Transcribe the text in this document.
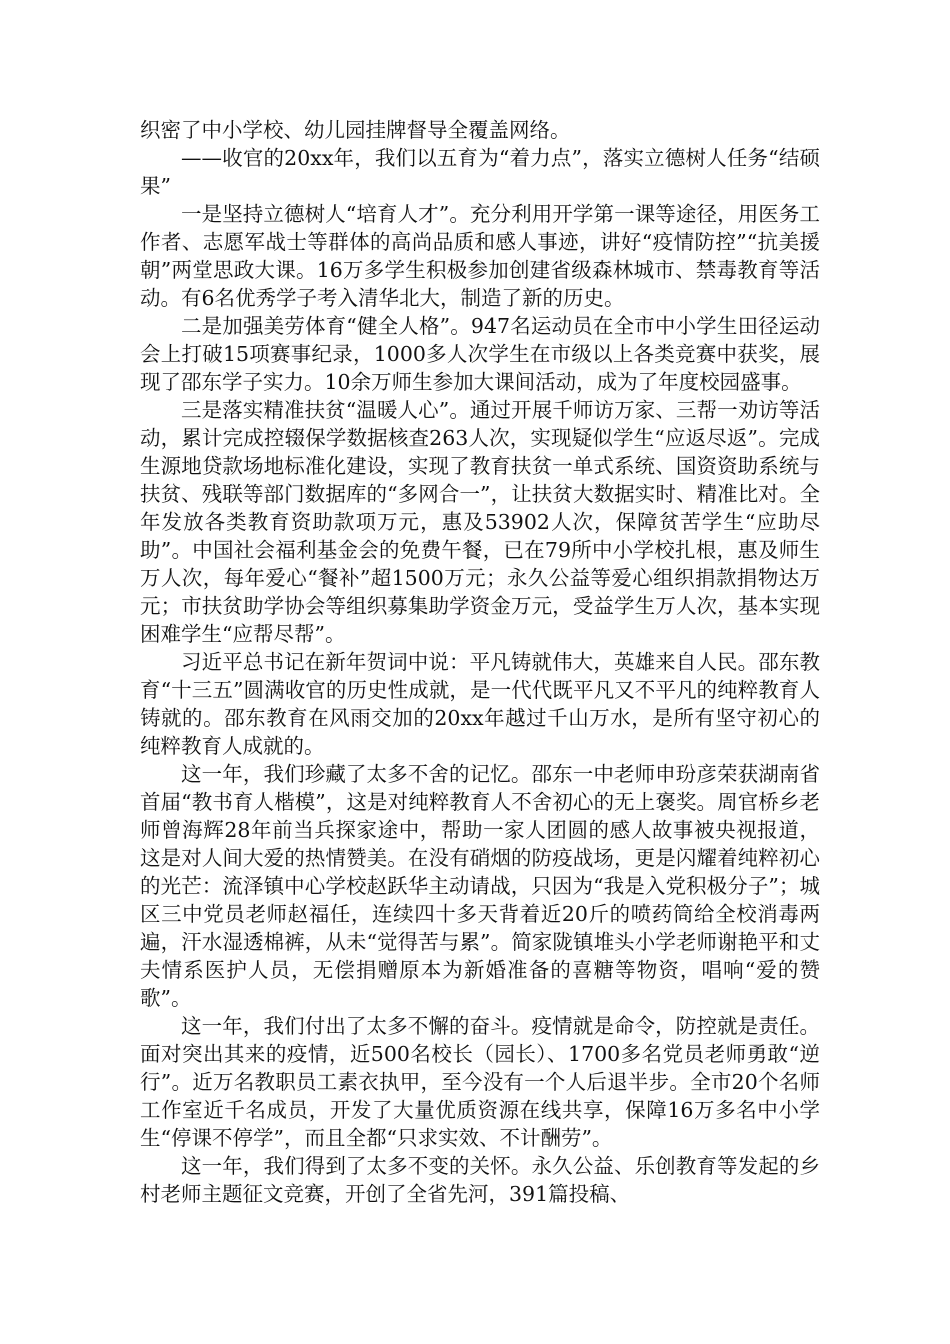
织密了中小学校、幼儿园挂牌督导全覆盖网络。

——收官的20xx年，我们以五育为“着力点”，落实立德树人任务“结硕果”

一是坚持立德树人“培育人才”。充分利用开学第一课等途径，用医务工作者、志愿军战士等群体的高尚品质和感人事迹，讲好“疫情防控”“抗美援朝”两堂思政大课。16万多学生积极参加创建省级森林城市、禁毒教育等活动。有6名优秀学子考入清华北大，制造了新的历史。

二是加强美劳体育“健全人格”。947名运动员在全市中小学生田径运动会上打破15项赛事纪录，1000多人次学生在市级以上各类竞赛中获奖，展现了邵东学子实力。10余万师生参加大课间活动，成为了年度校园盛事。

三是落实精准扶贫“温暖人心”。通过开展千师访万家、三帮一劝访等活动，累计完成控辍保学数据核查263人次，实现疑似学生“应返尽返”。完成生源地贷款场地标准化建设，实现了教育扶贫一单式系统、国资资助系统与扶贫、残联等部门数据库的“多网合一”，让扶贫大数据实时、精准比对。全年发放各类教育资助款项万元，惠及53902人次，保障贫苦学生“应助尽助”。中国社会福利基金会的免费午餐，已在79所中小学校扎根，惠及师生万人次，每年爱心“餐补”超1500万元；永久公益等爱心组织捐款捐物达万元；市扶贫助学协会等组织募集助学资金万元，受益学生万人次，基本实现困难学生“应帮尽帮”。

习近平总书记在新年贺词中说：平凡铸就伟大，英雄来自人民。邵东教育“十三五”圆满收官的历史性成就，是一代代既平凡又不平凡的纯粹教育人铸就的。邵东教育在风雨交加的20xx年越过千山万水，是所有坚守初心的纯粹教育人成就的。

这一年，我们珍藏了太多不舍的记忆。邵东一中老师申玢彦荣获湖南省首届“教书育人楷模”，这是对纯粹教育人不舍初心的无上褒奖。周官桥乡老师曾海辉28年前当兵探家途中，帮助一家人团圆的感人故事被央视报道，这是对人间大爱的热情赞美。在没有硝烟的防疫战场，更是闪耀着纯粹初心的光芒：流泽镇中心学校赵跃华主动请战，只因为“我是入党积极分子”；城区三中党员老师赵福任，连续四十多天背着近20斤的喷药筒给全校消毒两遍，汗水湿透棉裤，从未“觉得苦与累”。简家陇镇堆头小学老师谢艳平和丈夫情系医护人员，无偿捐赠原本为新婚准备的喜糖等物资，唱响“爱的赞歌”。

这一年，我们付出了太多不懈的奋斗。疫情就是命令，防控就是责任。面对突出其来的疫情，近500名校长（园长）、1700多名党员老师勇敢“逆行”。近万名教职员工素衣执甲，至今没有一个人后退半步。全市20个名师工作室近千名成员，开发了大量优质资源在线共享，保障16万多名中小学生“停课不停学”，而且全都“只求实效、不计酬劳”。

这一年，我们得到了太多不变的关怀。永久公益、乐创教育等发起的乡村老师主题征文竞赛，开创了全省先河，391篇投稿、
